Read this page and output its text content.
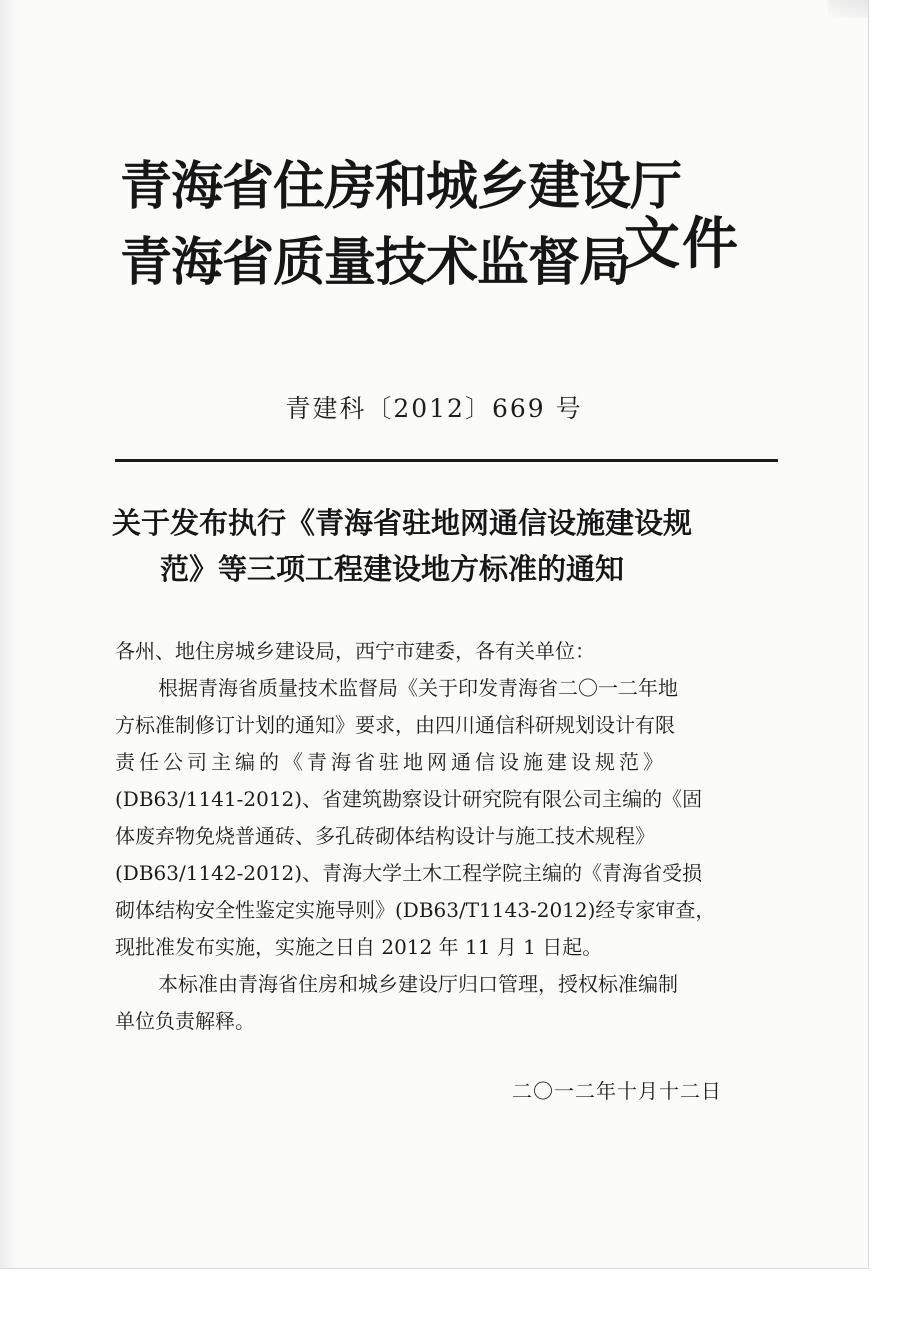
青海省住房和城乡建设厅
青海省质量技术监督局
文件
青建科〔2012〕669 号
关于发布执行《青海省驻地网通信设施建设规
范》等三项工程建设地方标准的通知
各州、地住房城乡建设局，西宁市建委，各有关单位：
根据青海省质量技术监督局《关于印发青海省二〇一二年地
方标准制修订计划的通知》要求，由四川通信科研规划设计有限
责任公司主编的《青海省驻地网通信设施建设规范》
(DB63/1141-2012)、省建筑勘察设计研究院有限公司主编的《固
体废弃物免烧普通砖、多孔砖砌体结构设计与施工技术规程》
(DB63/1142-2012)、青海大学土木工程学院主编的《青海省受损
砌体结构安全性鉴定实施导则》(DB63/T1143-2012)经专家审查，
现批准发布实施，实施之日自 2012 年 11 月 1 日起。
本标准由青海省住房和城乡建设厅归口管理，授权标准编制
单位负责解释。
二〇一二年十月十二日
